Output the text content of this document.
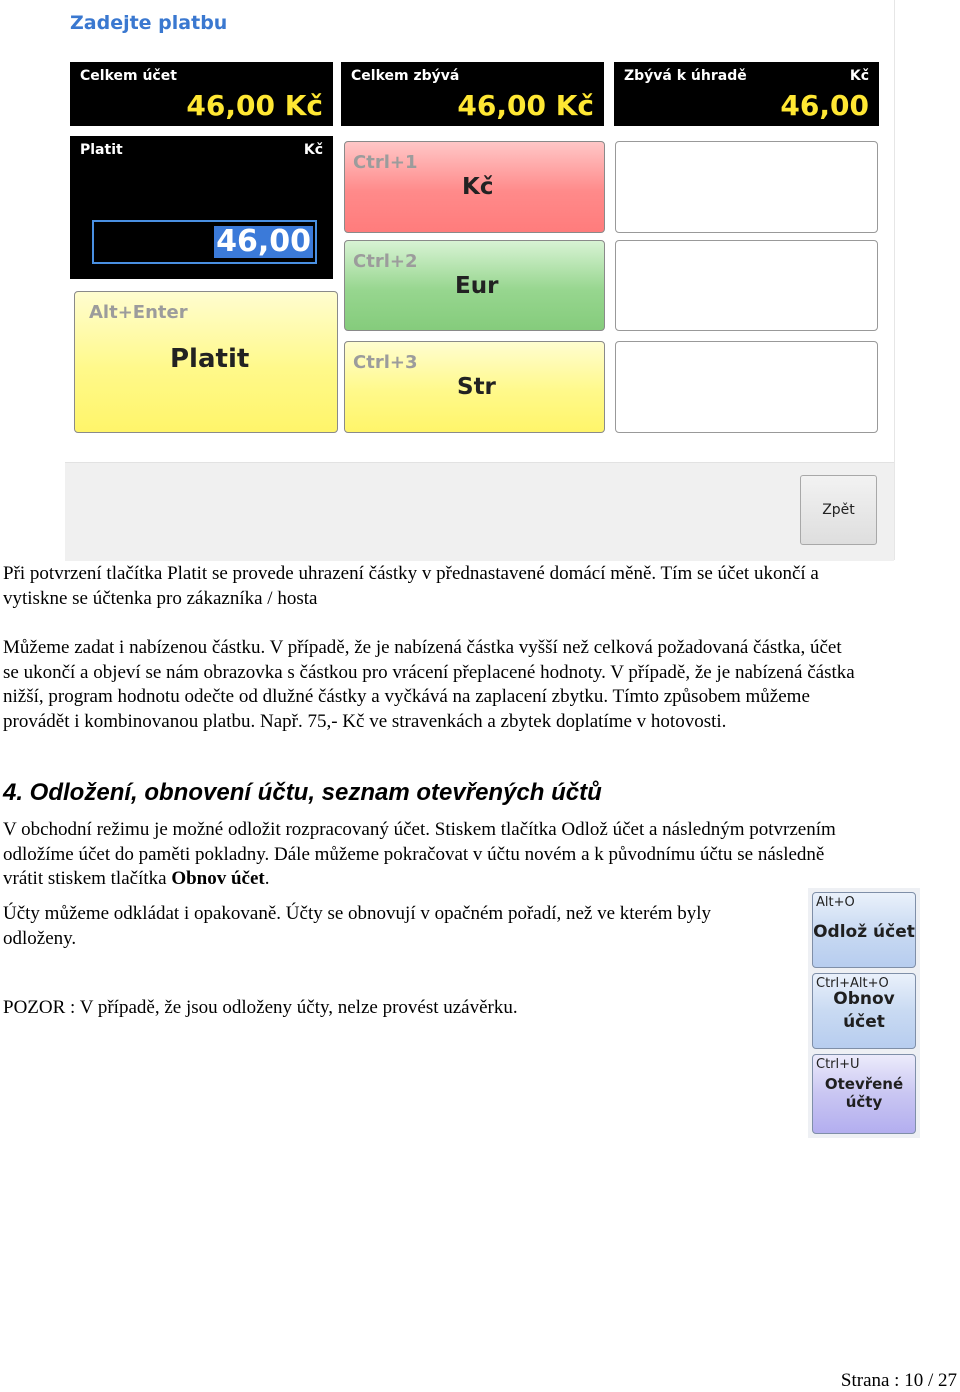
Zadejte platbu
Celkem účet
46,00 Kč
Celkem zbývá
46,00 Kč
Zbývá k úhradě	Kč
46,00
Platit	Kč
46,00
Alt+Enter
Platit
Ctrl+1
Kč
Ctrl+2
Eur
Ctrl+3
Str
Zpět

Při potvrzení tlačítka Platit se provede uhrazení částky v přednastavené domácí měně. Tím se účet ukončí a
vytiskne se účtenka pro zákazníka / hosta

Můžeme zadat i nabízenou částku. V případě, že je nabízená částka vyšší než celková požadovaná částka, účet
se ukončí a objeví se nám obrazovka s částkou pro vrácení přeplacené hodnoty. V případě, že je nabízená částka
nižší, program hodnotu odečte od dlužné částky a vyčkává na zaplacení zbytku. Tímto způsobem můžeme
provádět i kombinovanou platbu. Např. 75,- Kč ve stravenkách a zbytek doplatíme v hotovosti.

4. Odložení, obnovení účtu, seznam otevřených účtů

V obchodní režimu je možné odložit rozpracovaný účet. Stiskem tlačítka Odlož účet a následným potvrzením
odložíme účet do paměti pokladny. Dále můžeme pokračovat v účtu novém a k původnímu účtu se následně
vrátit stiskem tlačítka Obnov účet.

Účty můžeme odkládat i opakovaně. Účty se obnovují v opačném pořadí, než ve kterém byly
odloženy.

POZOR : V případě, že jsou odloženy účty, nelze provést uzávěrku.

Alt+O
Odlož účet
Ctrl+Alt+O
Obnov
účet
Ctrl+U
Otevřené
účty
Strana : 10 / 27
